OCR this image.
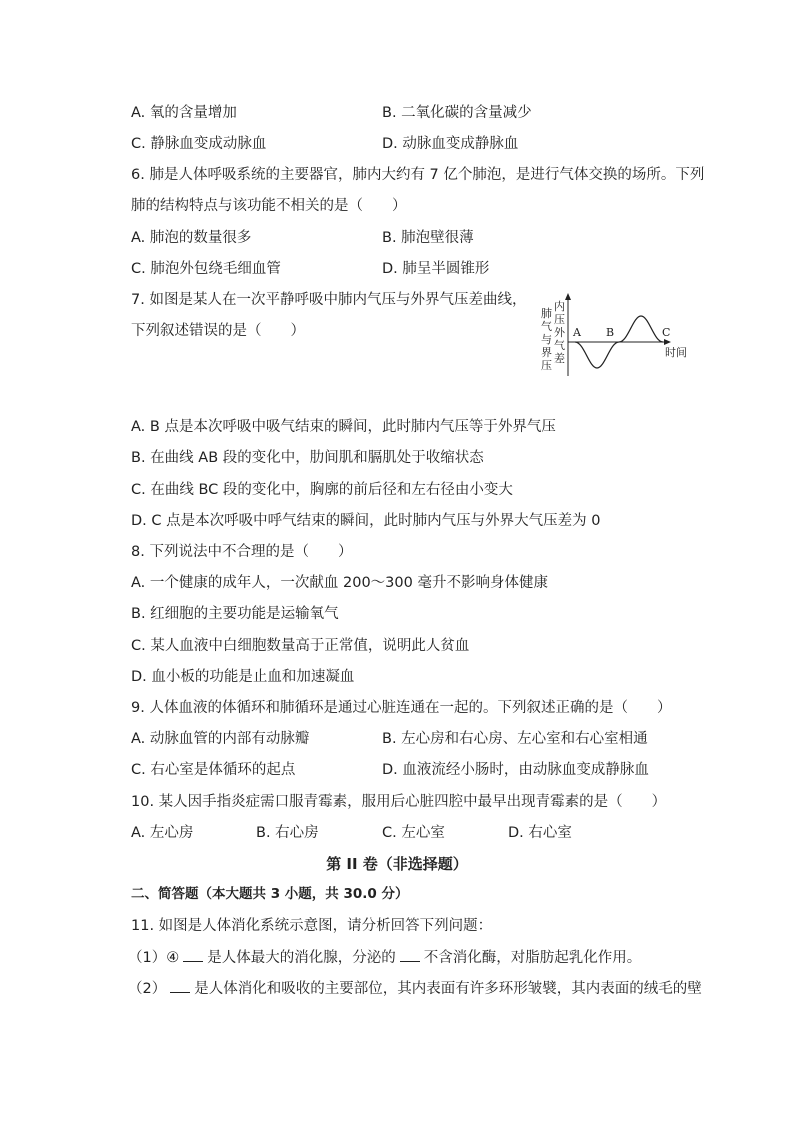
A. 氧的含量增加	B. 二氧化碳的含量减少
C. 静脉血变成动脉血	D. 动脉血变成静脉血
6. 肺是人体呼吸系统的主要器官，肺内大约有 7 亿个肺泡，是进行气体交换的场所。下列
肺的结构特点与该功能不相关的是（　　）
A. 肺泡的数量很多	B. 肺泡壁很薄
C. 肺泡外包绕毛细血管	D. 肺呈半圆锥形
7. 如图是某人在一次平静呼吸中肺内气压与外界气压差曲线，
下列叙述错误的是（　　）
肺
气
与
界
压
内
压
外
气
差
A B	C
时间
A. B 点是本次呼吸中吸气结束的瞬间，此时肺内气压等于外界气压
B. 在曲线 AB 段的变化中，肋间肌和膈肌处于收缩状态
C. 在曲线 BC 段的变化中，胸廓的前后径和左右径由小变大
D. C 点是本次呼吸中呼气结束的瞬间，此时肺内气压与外界大气压差为 0
8. 下列说法中不合理的是（　　）
A. 一个健康的成年人，一次献血 200～300 毫升不影响身体健康
B. 红细胞的主要功能是运输氧气
C. 某人血液中白细胞数量高于正常值，说明此人贫血
D. 血小板的功能是止血和加速凝血
9. 人体血液的体循环和肺循环是通过心脏连通在一起的。下列叙述正确的是（　　）
A. 动脉血管的内部有动脉瓣	B. 左心房和右心房、左心室和右心室相通
C. 右心室是体循环的起点	D. 血液流经小肠时，由动脉血变成静脉血
10. 某人因手指炎症需口服青霉素，服用后心脏四腔中最早出现青霉素的是（　　）
A. 左心房	B. 右心房	C. 左心室	D. 右心室
第 II 卷（非选择题）
二、简答题（本大题共 3 小题，共 30.0 分）
11. 如图是人体消化系统示意图，请分析回答下列问题：
（1）④ 是人体最大的消化腺，分泌的 不含消化酶，对脂肪起乳化作用。
（2） 是人体消化和吸收的主要部位，其内表面有许多环形皱襞，其内表面的绒毛的壁
